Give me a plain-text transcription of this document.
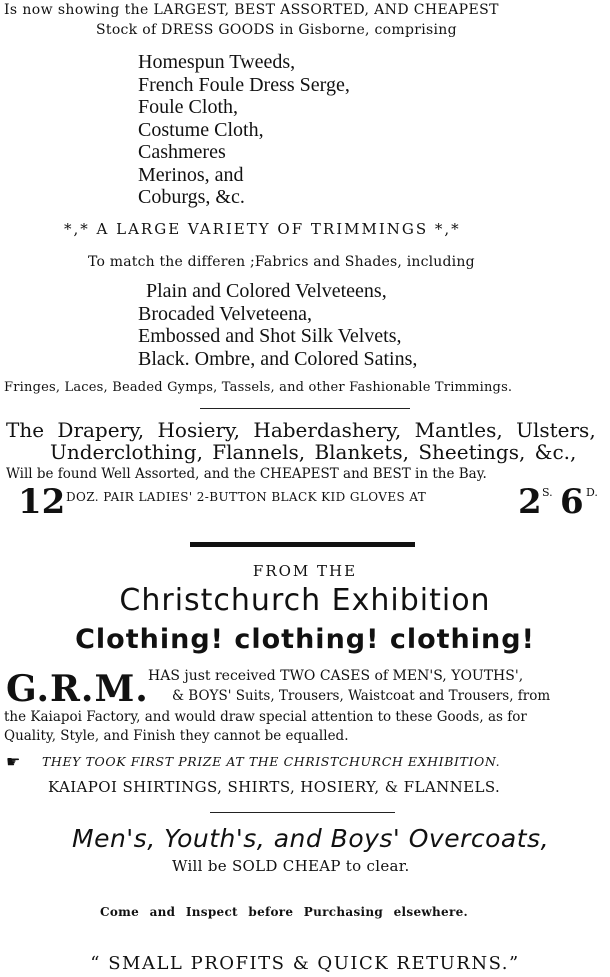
Is now showing the LARGEST, BEST ASSORTED, AND CHEAPEST
Stock of DRESS GOODS in Gisborne, comprising
Homespun Tweeds,
French Foule Dress Serge,
Foule Cloth,
Costume Cloth,
Cashmeres
Merinos, and
Coburgs, &c.
*,* A LARGE VARIETY OF TRIMMINGS *,*
To match the differen ;Fabrics and Shades, including
Plain and Colored Velveteens,
Brocaded Velveteena,
Embossed and Shot Silk Velvets,
Black. Ombre, and Colored Satins,
Fringes, Laces, Beaded Gymps, Tassels, and other Fashionable Trimmings.
The Drapery, Hosiery, Haberdashery, Mantles, Ulsters,
Underclothing, Flannels, Blankets, Sheetings, &c.,
Will be found Well Assorted, and the CHEAPEST and BEST in the Bay.
12 DOZ. PAIR LADIES' 2-BUTTON BLACK KID GLOVES AT	2 S. 6 D.
FROM THE
Christchurch Exhibition
Clothing! clothing! clothing!
G.R.M. HAS just received TWO CASES of MEN'S, YOUTHS',
& BOYS' Suits, Trousers, Waistcoat and Trousers, from
the Kaiapoi Factory, and would draw special attention to these Goods, as for
Quality, Style, and Finish they cannot be equalled.
☛ THEY TOOK FIRST PRIZE AT THE CHRISTCHURCH EXHIBITION.
KAIAPOI SHIRTINGS, SHIRTS, HOSIERY, & FLANNELS.
Men's, Youth's, and Boys' Overcoats,
Will be SOLD CHEAP to clear.
Come and Inspect before Purchasing elsewhere.
“ SMALL PROFITS & QUICK RETURNS.”
